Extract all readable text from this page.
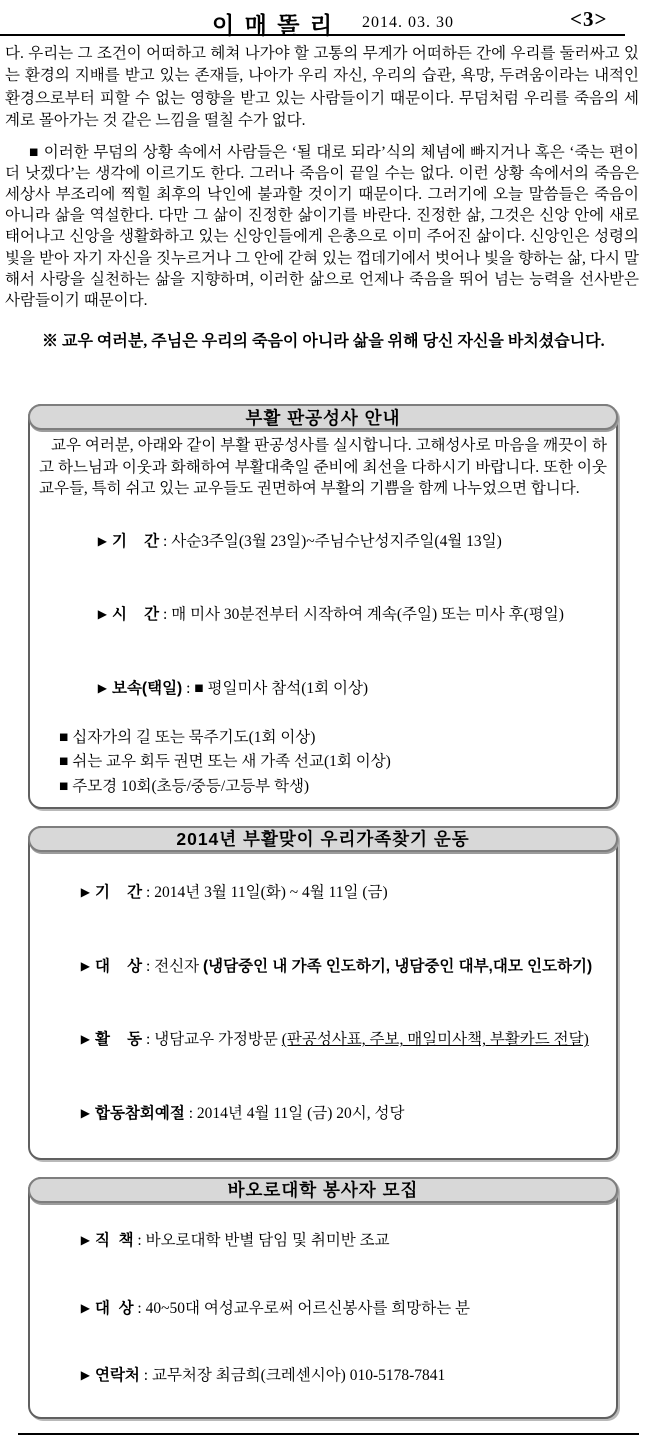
이 매 똘 리 2014. 03. 30	<3>
다. 우리는 그 조건이 어떠하고 헤쳐 나가야 할 고통의 무게가 어떠하든 간에 우리를 둘러싸고 있는 환경의 지배를 받고 있는 존재들, 나아가 우리 자신, 우리의 습관, 욕망, 두려움이라는 내적인 환경으로부터 피할 수 없는 영향을 받고 있는 사람들이기 때문이다. 무덤처럼 우리를 죽음의 세계로 몰아가는 것 같은 느낌을 떨칠 수가 없다.
■ 이러한 무덤의 상황 속에서 사람들은 ‘될 대로 되라’식의 체념에 빠지거나 혹은 ‘죽는 편이 더 낫겠다’는 생각에 이르기도 한다. 그러나 죽음이 끝일 수는 없다. 이런 상황 속에서의 죽음은 세상사 부조리에 찍힐 최후의 낙인에 불과할 것이기 때문이다. 그러기에 오늘 말씀들은 죽음이 아니라 삶을 역설한다. 다만 그 삶이 진정한 삶이기를 바란다. 진정한 삶, 그것은 신앙 안에 새로 태어나고 신앙을 생활화하고 있는 신앙인들에게 은총으로 이미 주어진 삶이다. 신앙인은 성령의 빛을 받아 자기 자신을 짓누르거나 그 안에 갇혀 있는 껍데기에서 벗어나 빛을 향하는 삶, 다시 말해서 사랑을 실천하는 삶을 지향하며, 이러한 삶으로 언제나 죽음을 뛰어 넘는 능력을 선사받은 사람들이기 때문이다.
※ 교우 여러분, 주님은 우리의 죽음이 아니라 삶을 위해 당신 자신을 바치셨습니다.
부활 판공성사 안내
교우 여러분, 아래와 같이 부활 판공성사를 실시합니다. 고해성사로 마음을 깨끗이 하고 하느님과 이웃과 화해하여 부활대축일 준비에 최선을 다하시기 바랍니다. 또한 이웃 교우들, 특히 쉬고 있는 교우들도 권면하여 부활의 기쁨을 함께 나누었으면 합니다.

▶ 기    간 : 사순3주일(3월 23일)~주님수난성지주일(4월 13일)

▶ 시    간 : 매 미사 30분전부터 시작하여 계속(주일) 또는 미사 후(평일)

▶ 보속(택일) : ■ 평일미사 참석(1회 이상)

■ 십자가의 길 또는 묵주기도(1회 이상)
■ 쉬는 교우 회두 권면 또는 새 가족 선교(1회 이상)
■ 주모경 10회(초등/중등/고등부 학생)
2014년 부활맞이 우리가족찾기 운동

▶ 기    간 : 2014년 3월 11일(화) ~ 4월 11일 (금)

▶ 대    상 : 전신자 (냉담중인 내 가족 인도하기, 냉담중인 대부,대모 인도하기)

▶ 활    동 : 냉담교우 가정방문 (판공성사표, 주보, 매일미사책, 부활카드 전달)

▶ 합동참회예절 : 2014년 4월 11일 (금) 20시, 성당

바오로대학 봉사자 모집

▶ 직  책 : 바오로대학 반별 담임 및 취미반 조교

▶ 대  상 : 40~50대 여성교우로써 어르신봉사를 희망하는 분

▶ 연락처 : 교무처장 최금희(크레센시아) 010-5178-7841
